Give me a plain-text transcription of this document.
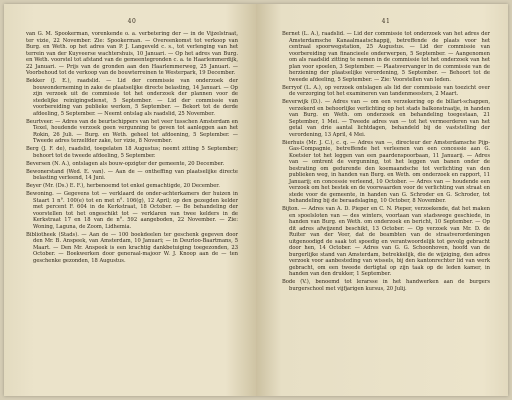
40

van G. M. Spookerman, vorenkende o. a. verbetering der — in de Vijzelstraat, ter vizie, 22 November. Zie: Spookerman. — Overeenkomst tot verkoop van Burg. en Weth. op het adres van P. J. Langeveld c. s., tot verlenging van het terrein van der Kuyveerse wachtershuis, 10 Januari. — Op het adres van Burg. en Weth. voorstel tot afstand van de gemeentegronden c. a. te Haarlemmerdijk, 22 Januari. — Prijs van de gronden aan den Haarlemmerweg, 25 Januari. — Voorbehoud tot de verkoop van de bouwterreinen te Westerpark, 19 December.

Bekker (J. E.), raadslid. — Lid der commissie van onderzoek der bouwonderneming in zake de plaatselijke directe belasting, 14 Januari. — Op zijn verzoek uit de commissie tot het onderzoek der plannen voor de stedelijke reinigingsdienst, 5 September. — Lid der commissie van voorbereiding van publieke werken, 5 September. — Bekort tot de derde afdeeling, 5 September. — Neemt ontslag als raadslid, 25 November.

Beurtveer. — Adres van de beurtschippers van het veer tusschen Amsterdam en Texel, houdende verzoek geen vergunning te geven tot aanleggen aan het Rokin, 26 Juli. — Burg. en Weth. geheel tot afdoening, 5 September. — Tweede adres terzelfder zake, ter vizie, 8 November.

Berg (J. F. de), raadslid, toegelaten 18 Augustus; neemt zitting 5 September; behoort tot de tweede afdeeling, 5 September.

Beversen (N. A.), ontslagen als bouw-opzigter der gemeente, 20 December.

Bewonerstand (Wed. E. van). — Aan de — ontheffing van plaatselijke directe belasting verleend, 14 Juni.

Beyer (Mr. (Ds.) E. F.), herbenoemd tot enkel gemachtigde, 20 December.

Bewoning. — Gegevens tot — verklaard de onder-achterkamers der huizen in Staart 1 n°. 100(e) tot en met n°. 106(g), 12 April; op den gezegden kelder met percent F. 604 in de Kerkstraat, 18 October. — Be behandeling der voorstellen tot het ongeschikt tot — verklaren van twee kelders in de Kerkstraat 17 en 18 van de n°. 592 aangeboden, 22 November. — Zie: Woning, Laguna, de Zoom, Lidhemia.

Bibliotheek (Stads). — Aan de — 100 boekdeelen ter geschenk gegeven door den Mr. B. Anspeek, van Amsterdam, 10 Januari; — in Deurloo-Baartmans, 5 Maart. — Den Mr. Anspeek is een krachtig dankbetuiging toegezonden, 23 October. — Boekwerken door generaal-majoor W. J. Knoop aan de — ten geschenke gezonden, 18 Augustus.

41

Bernet (L. A.), raadslid. — Lid der commissie tot onderzoek van het adres der Amsterdamsche Kanaalmaatschappij, betreffende de plaats voor het centraal spoorwegstation, 25 Augustus. — Lid der commissie van voorbereiding van financieele onderwerpen, 5 September. — Aangenomen om als raadslid zitting te nemen in de commissie tot het onderzoek van het plan voor spoelen, 3 September. — Plaatsvervanger in de commissie van de herziening der plaatselijke verordening, 5 September. — Behoort tot de tweede afdeeling, 5 September. — Zie: Voorstellen van leden.

Berryof (L. A.), op verzoek ontslagen als lid der commissie van toezicht over de verzorging tot het examineren van tandenmeesters, 2 Maart.

Beverwijk (D.). — Adres van — om een verzekering op de billart-schappen, verzekerd en behoorlijke verlichting op het stads balkonstraatje, in handen van Burg. en Weth. om onderzoek en behandeling toegestaan, 21 September, 1 Mei. — Tweede adres van — tot het vermeerderen van het getal van drie aantal lichtdagen, behandeld bij de vaststelling der verordening, 13 April, 4 Mei.

Bierhuis (Mr. J. C.), c. q. — Adres van —, directeur der Amsterdamsche Pijp-Gas-Compagnie, betreffende het verleenen van een concessie aan G. Koetsier tot het leggen van een paardenspoorbaan, 11 Januarij. — Adres van — omtrent de vergunning, tot het leggen van banen onder de bestrating om gedurende den koemaandsche tot verlichting van den publieken weg, in handen van Burg. en Weth. om onderzoek en rapport, 11 Januarij; en concessie verleend, 10 October. — Adres van — houdende een verzoek om het bestek en de voorwaarden voor de verlichting van straat en stede voor de gemeente, in handen van G. Schroder en G. Schroder, tot behandeling bij de beraadslaging, 10 October, 8 November.

Bijton. — Adres van A. D. Pieper en C. N. Pieper, verzoekende, dat het maken en spoelsloten van — des winters, voortaan van stadswege geschiede, in handen van Burg. en Weth. om onderzoek en bericht, 10 September. — Op dit adres afwijzend beschikt, 13 October. — Op verzoek van Mr. D. de Ruiter van der Veer, dat de beambten van de straatverordeningen uitgenoodigd de saak tot spoedig en verantwoordelijk tot gevolg gebracht door hen, 14 October. — Adres van G. G. Schoonhoven, hoofd van de burgerlijke stand van Amsterdam, betrekkelijk, die de wijziging, den adres verzoek voor aanbesteding van wissels, bij den kantonrechter lid van werk gebracht, om een tweede dertigtal op zijn taak op de leden kamer, in handen van den drukker, 1 September.

Bode (V.), benoemd tot lerarsse in het handwerken aan de burgers burgerschool met vijfjarigen kursus, 20 Julij.
